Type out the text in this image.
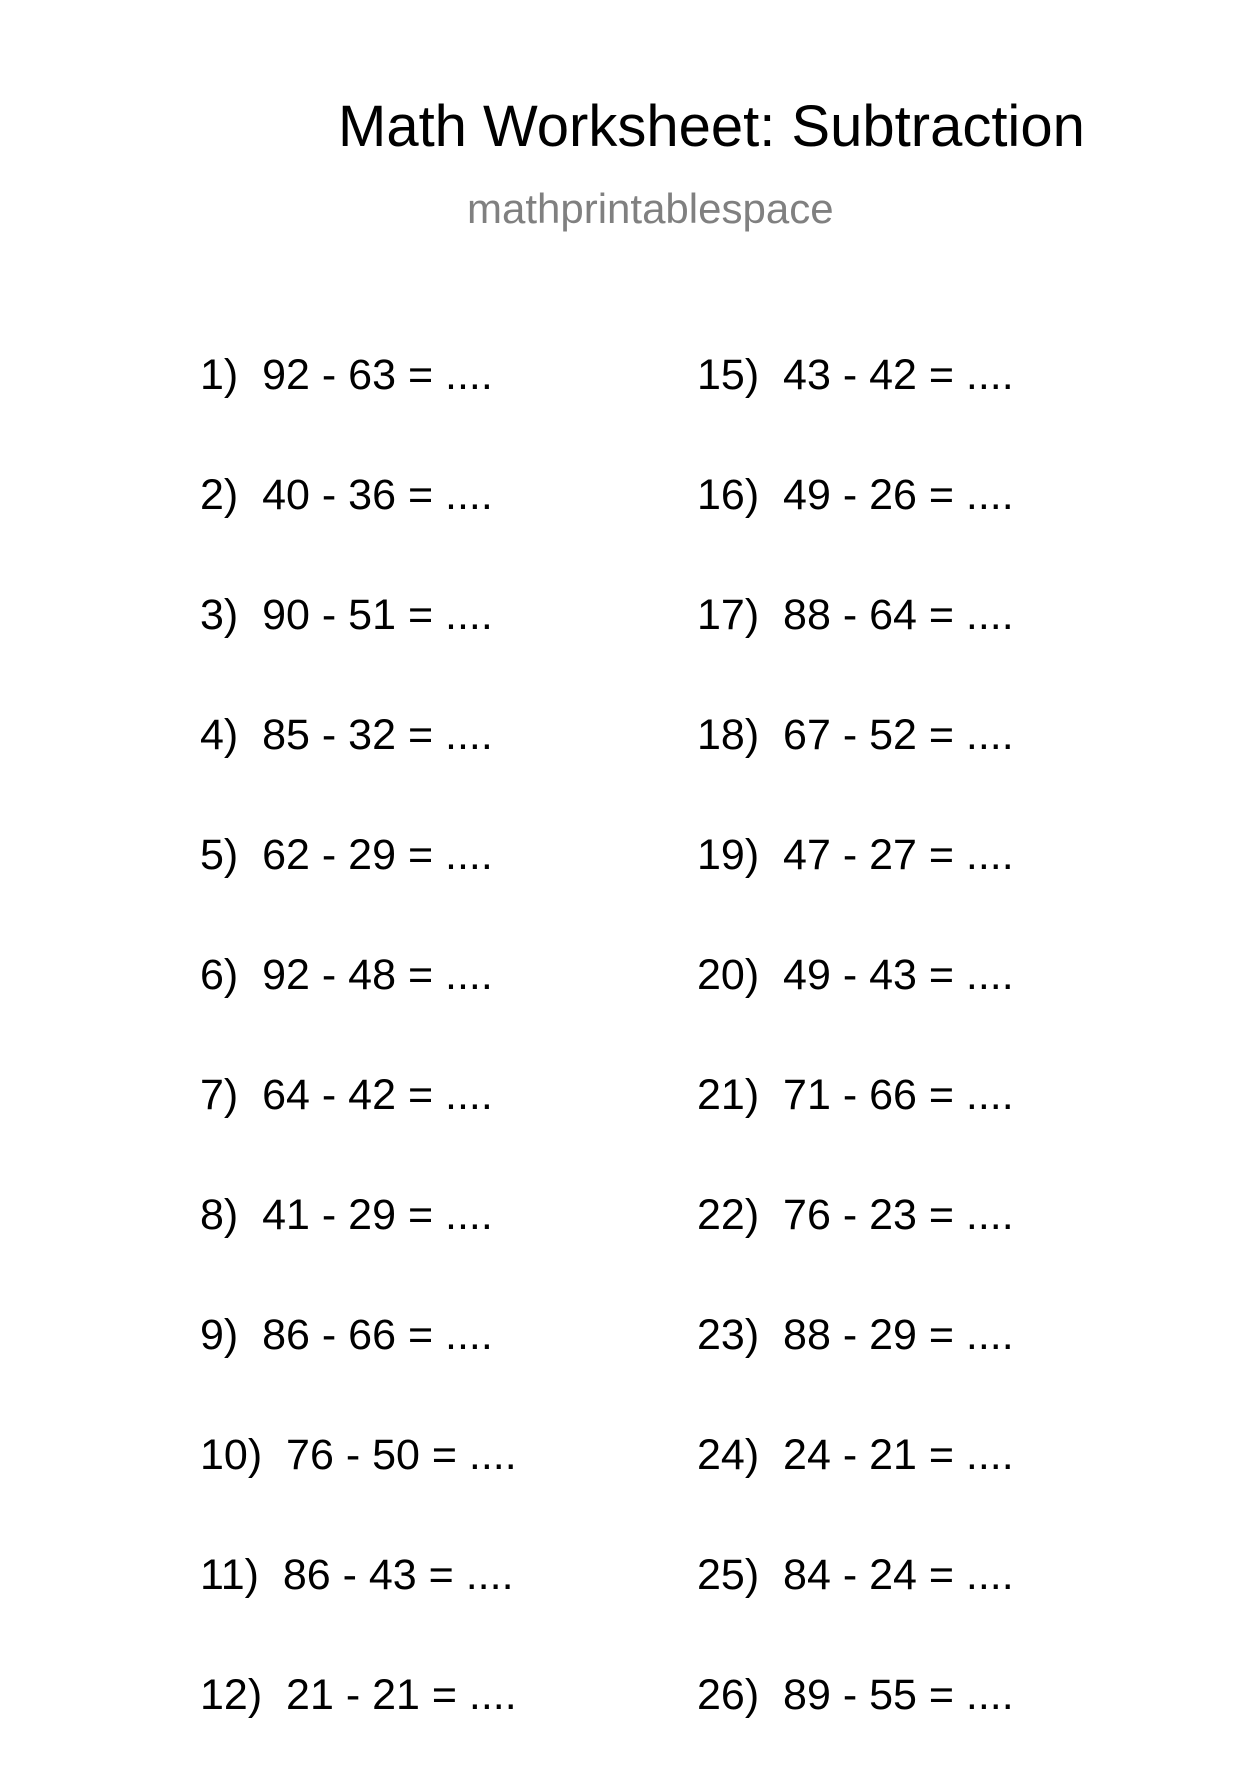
Math Worksheet: Subtraction
mathprintablespace
1)  92 - 63 = ....
2)  40 - 36 = ....
3)  90 - 51 = ....
4)  85 - 32 = ....
5)  62 - 29 = ....
6)  92 - 48 = ....
7)  64 - 42 = ....
8)  41 - 29 = ....
9)  86 - 66 = ....
10)  76 - 50 = ....
11)  86 - 43 = ....
12)  21 - 21 = ....
15)  43 - 42 = ....
16)  49 - 26 = ....
17)  88 - 64 = ....
18)  67 - 52 = ....
19)  47 - 27 = ....
20)  49 - 43 = ....
21)  71 - 66 = ....
22)  76 - 23 = ....
23)  88 - 29 = ....
24)  24 - 21 = ....
25)  84 - 24 = ....
26)  89 - 55 = ....
